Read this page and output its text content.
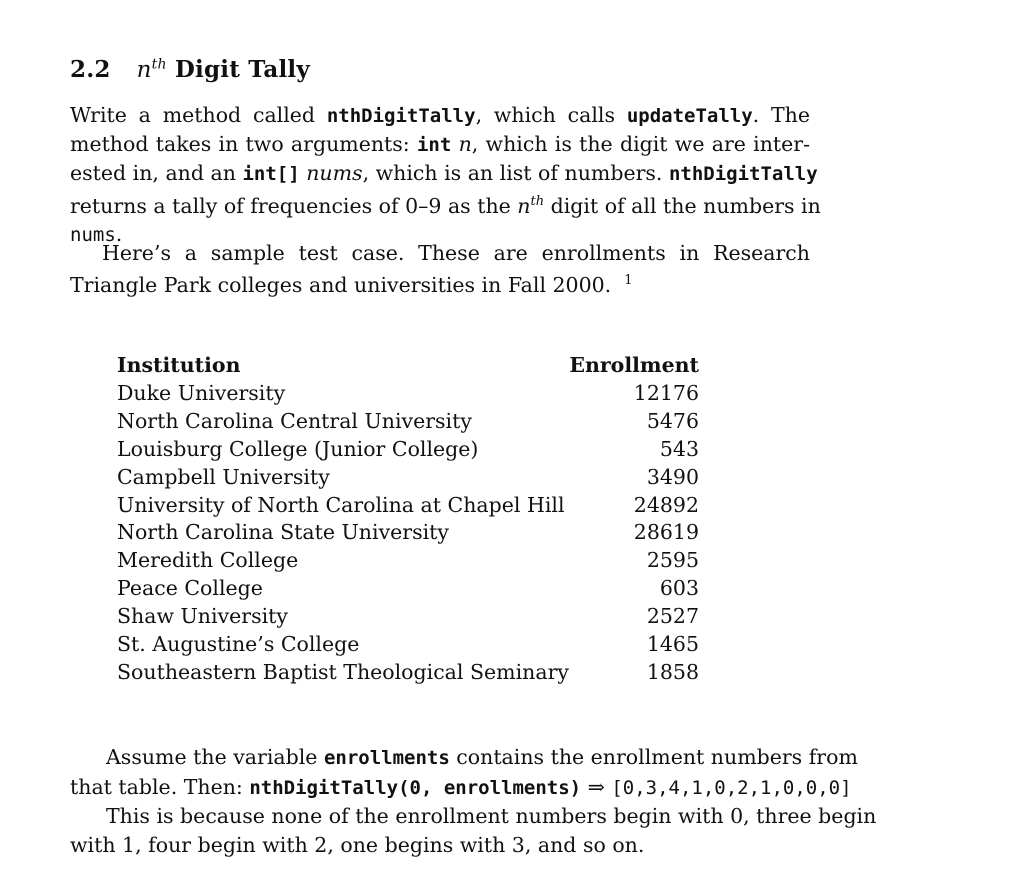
2.2 $n^{th}$ Digit Tally
Write a method called nthDigitTally, which calls updateTally. The
method takes in two arguments: int n, which is the digit we are inter-
ested in, and an int[] nums, which is an list of numbers. nthDigitTally
returns a tally of frequencies of 0–9 as the $n^{th}$ digit of all the numbers in
nums.
Here’s a sample test case. These are enrollments in Research Triangle Park colleges and universities in Fall 2000. $^1$
Institution	Enrollment
Duke University	12176
North Carolina Central University	5476
Louisburg College (Junior College)	543
Campbell University	3490
University of North Carolina at Chapel Hill	24892
North Carolina State University	28619
Meredith College	2595
Peace College	603
Shaw University	2527
St. Augustine’s College	1465
Southeastern Baptist Theological Seminary	1858
Assume the variable enrollments contains the enrollment numbers from
that table. Then: nthDigitTally(0, enrollments) ⇒ [0,3,4,1,0,2,1,0,0,0]
This is because none of the enrollment numbers begin with 0, three begin
with 1, four begin with 2, one begins with 3, and so on.
